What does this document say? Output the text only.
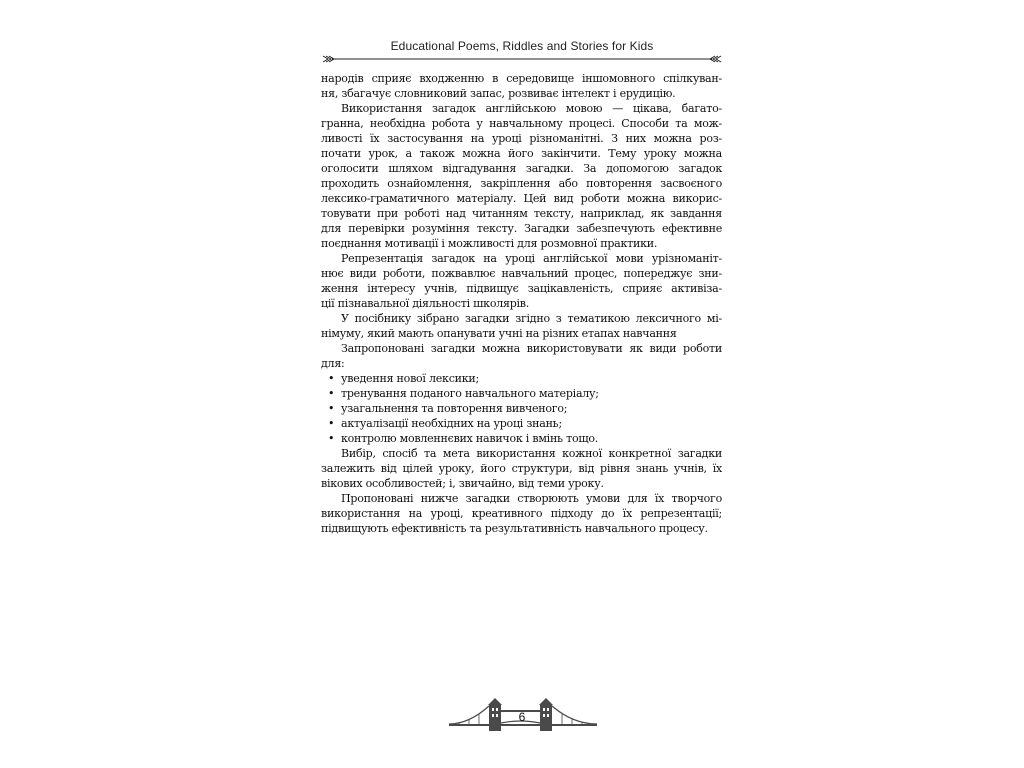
Educational Poems, Riddles and Stories for Kids
народів сприяє входженню в середовище іншомовного спілкуван-
ня, збагачує словниковий запас, розвиває інтелект і ерудицію.
Використання загадок англійською мовою — цікава, багато-
гранна, необхідна робота у навчальному процесі. Способи та мож-
ливості їх застосування на уроці різноманітні. З них можна роз-
почати урок, а також можна його закінчити. Тему уроку можна
оголосити шляхом відгадування загадки. За допомогою загадок
проходить ознайомлення, закріплення або повторення засвоєного
лексико-граматичного матеріалу. Цей вид роботи можна викорис-
товувати при роботі над читанням тексту, наприклад, як завдання
для перевірки розуміння тексту. Загадки забезпечують ефективне
поєднання мотивації і можливості для розмовної практики.
Репрезентація загадок на уроці англійської мови урізноманіт-
нює види роботи, пожвавлює навчальний процес, попереджує зни-
ження інтересу учнів, підвищує зацікавленість, сприяє активіза-
ції пізнавальної діяльності школярів.
У посібнику зібрано загадки згідно з тематикою лексичного мі-
німуму, який мають опанувати учні на різних етапах навчання
Запропоновані загадки можна використовувати як види роботи
для:
• уведення нової лексики;
• тренування поданого навчального матеріалу;
• узагальнення та повторення вивченого;
• актуалізації необхідних на уроці знань;
• контролю мовленнєвих навичок і вмінь тощо.
Вибір, спосіб та мета використання кожної конкретної загадки
залежить від цілей уроку, його структури, від рівня знань учнів, їх
вікових особливостей; і, звичайно, від теми уроку.
Пропоновані нижче загадки створюють умови для їх творчого
використання на уроці, креативного підходу до їх репрезентації;
підвищують ефективність та результативність навчального процесу.
6
